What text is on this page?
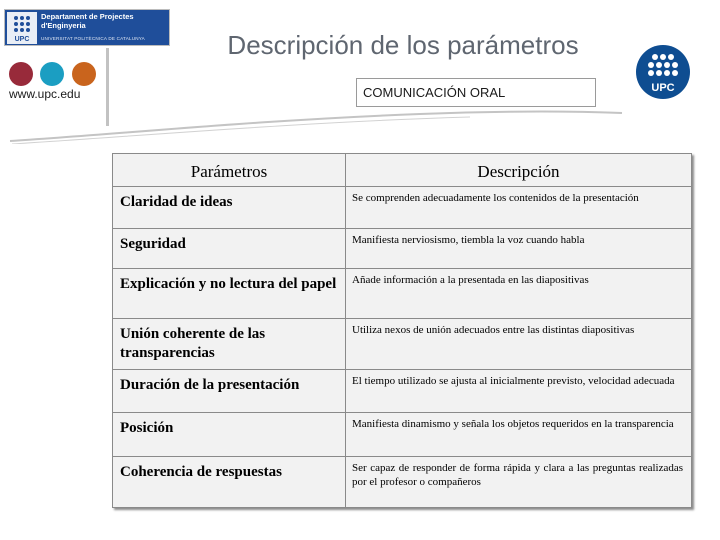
UPC
Departament de Projectes
d'Enginyeria
UNIVERSITAT POLITÈCNICA DE CATALUNYA
www.upc.edu
Descripción de los parámetros
COMUNICACIÓN ORAL	UPC
Parámetros	Descripción
Claridad de ideas	Se comprenden adecuadamente los contenidos de la presentación
Seguridad	Manifiesta nerviosismo, tiembla la voz cuando habla
Explicación y no lectura del papel	Añade información a la presentada en las diapositivas
Unión coherente de las transparencias	Utiliza nexos de unión adecuados entre las distintas diapositivas
Duración de la presentación	El tiempo utilizado se ajusta al inicialmente previsto, velocidad adecuada
Posición	Manifiesta dinamismo y señala los objetos requeridos en la transparencia
Coherencia de respuestas	Ser capaz de responder de forma rápida y clara a las preguntas realizadas por el profesor o compañeros
